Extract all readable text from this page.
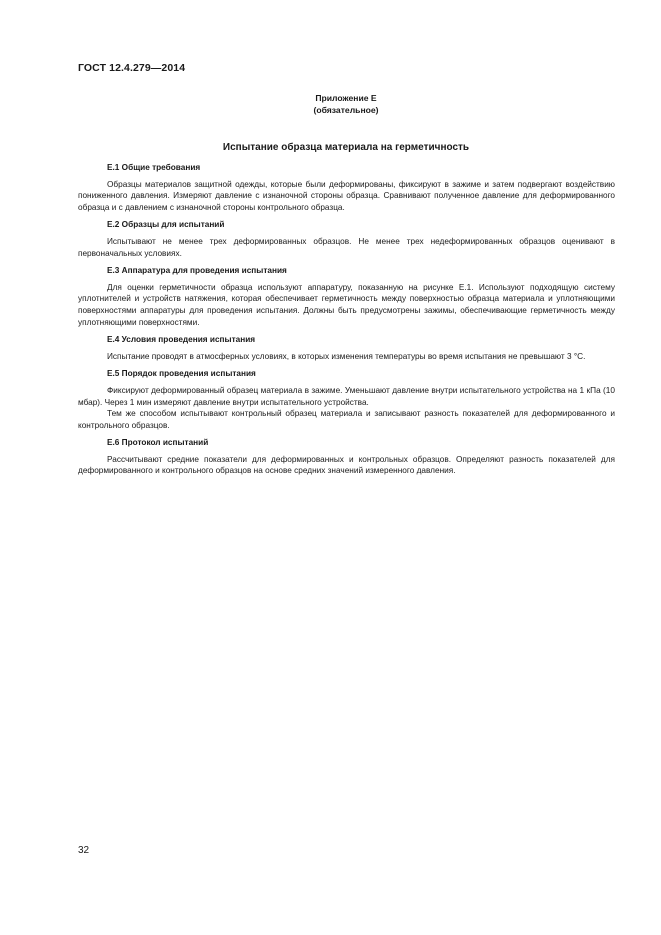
ГОСТ 12.4.279—2014
Приложение Е
(обязательное)
Испытание образца материала на герметичность
Е.1 Общие требования

Образцы материалов защитной одежды, которые были деформированы, фиксируют в зажиме и затем подвергают воздействию пониженного давления. Измеряют давление с изнаночной стороны образца. Сравнивают полученное давление для деформированного образца и с давлением с изнаночной стороны контрольного образца.

Е.2 Образцы для испытаний

Испытывают не менее трех деформированных образцов. Не менее трех недеформированных образцов оценивают в первоначальных условиях.

Е.3 Аппаратура для проведения испытания

Для оценки герметичности образца используют аппаратуру, показанную на рисунке Е.1. Используют подходящую систему уплотнителей и устройств натяжения, которая обеспечивает герметичность между поверхностью образца материала и уплотняющими поверхностями аппаратуры для проведения испытания. Должны быть предусмотрены зажимы, обеспечивающие герметичность между уплотняющими поверхностями.

Е.4 Условия проведения испытания

Испытание проводят в атмосферных условиях, в которых изменения температуры во время испытания не превышают 3 °С.

Е.5 Порядок проведения испытания

Фиксируют деформированный образец материала в зажиме. Уменьшают давление внутри испытательного устройства на 1 кПа (10 мбар). Через 1 мин измеряют давление внутри испытательного устройства.

Тем же способом испытывают контрольный образец материала и записывают разность показателей для деформированного и контрольного образцов.

Е.6 Протокол испытаний

Рассчитывают средние показатели для деформированных и контрольных образцов. Определяют разность показателей для деформированного и контрольного образцов на основе средних значений измеренного давления.

32
